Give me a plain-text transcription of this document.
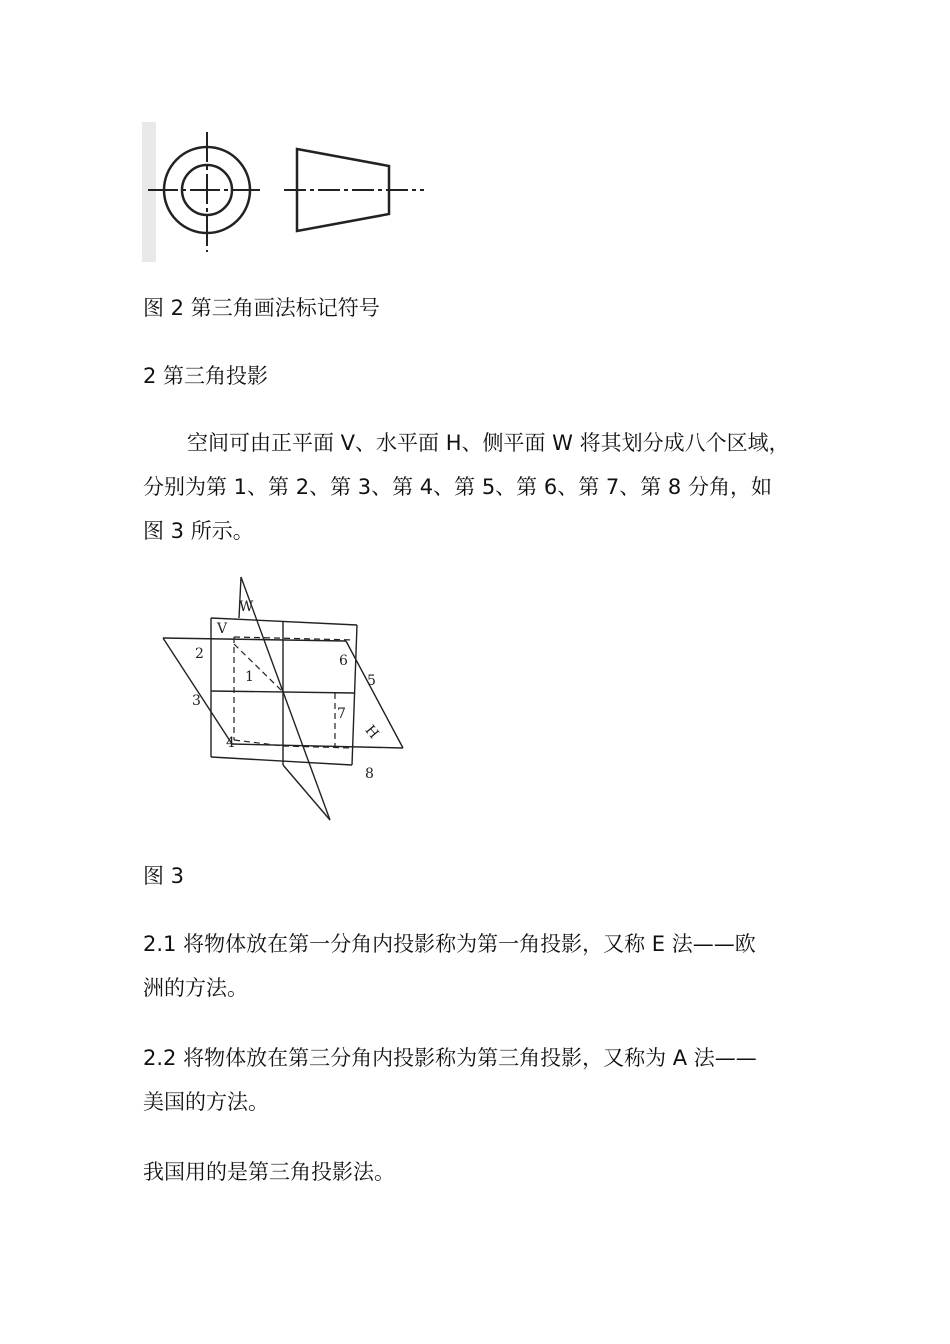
图 2 第三角画法标记符号
2 第三角投影
空间可由正平面 V、水平面 H、侧平面 W 将其划分成八个区域，
分别为第 1、第 2、第 3、第 4、第 5、第 6、第 7、第 8 分角，如
图 3 所示。
W
V
H
1
2
3
4
5
6
7
8
图 3
2.1 将物体放在第一分角内投影称为第一角投影，又称 E 法——欧
洲的方法。
2.2 将物体放在第三分角内投影称为第三角投影，又称为 A 法——
美国的方法。
我国用的是第三角投影法。
